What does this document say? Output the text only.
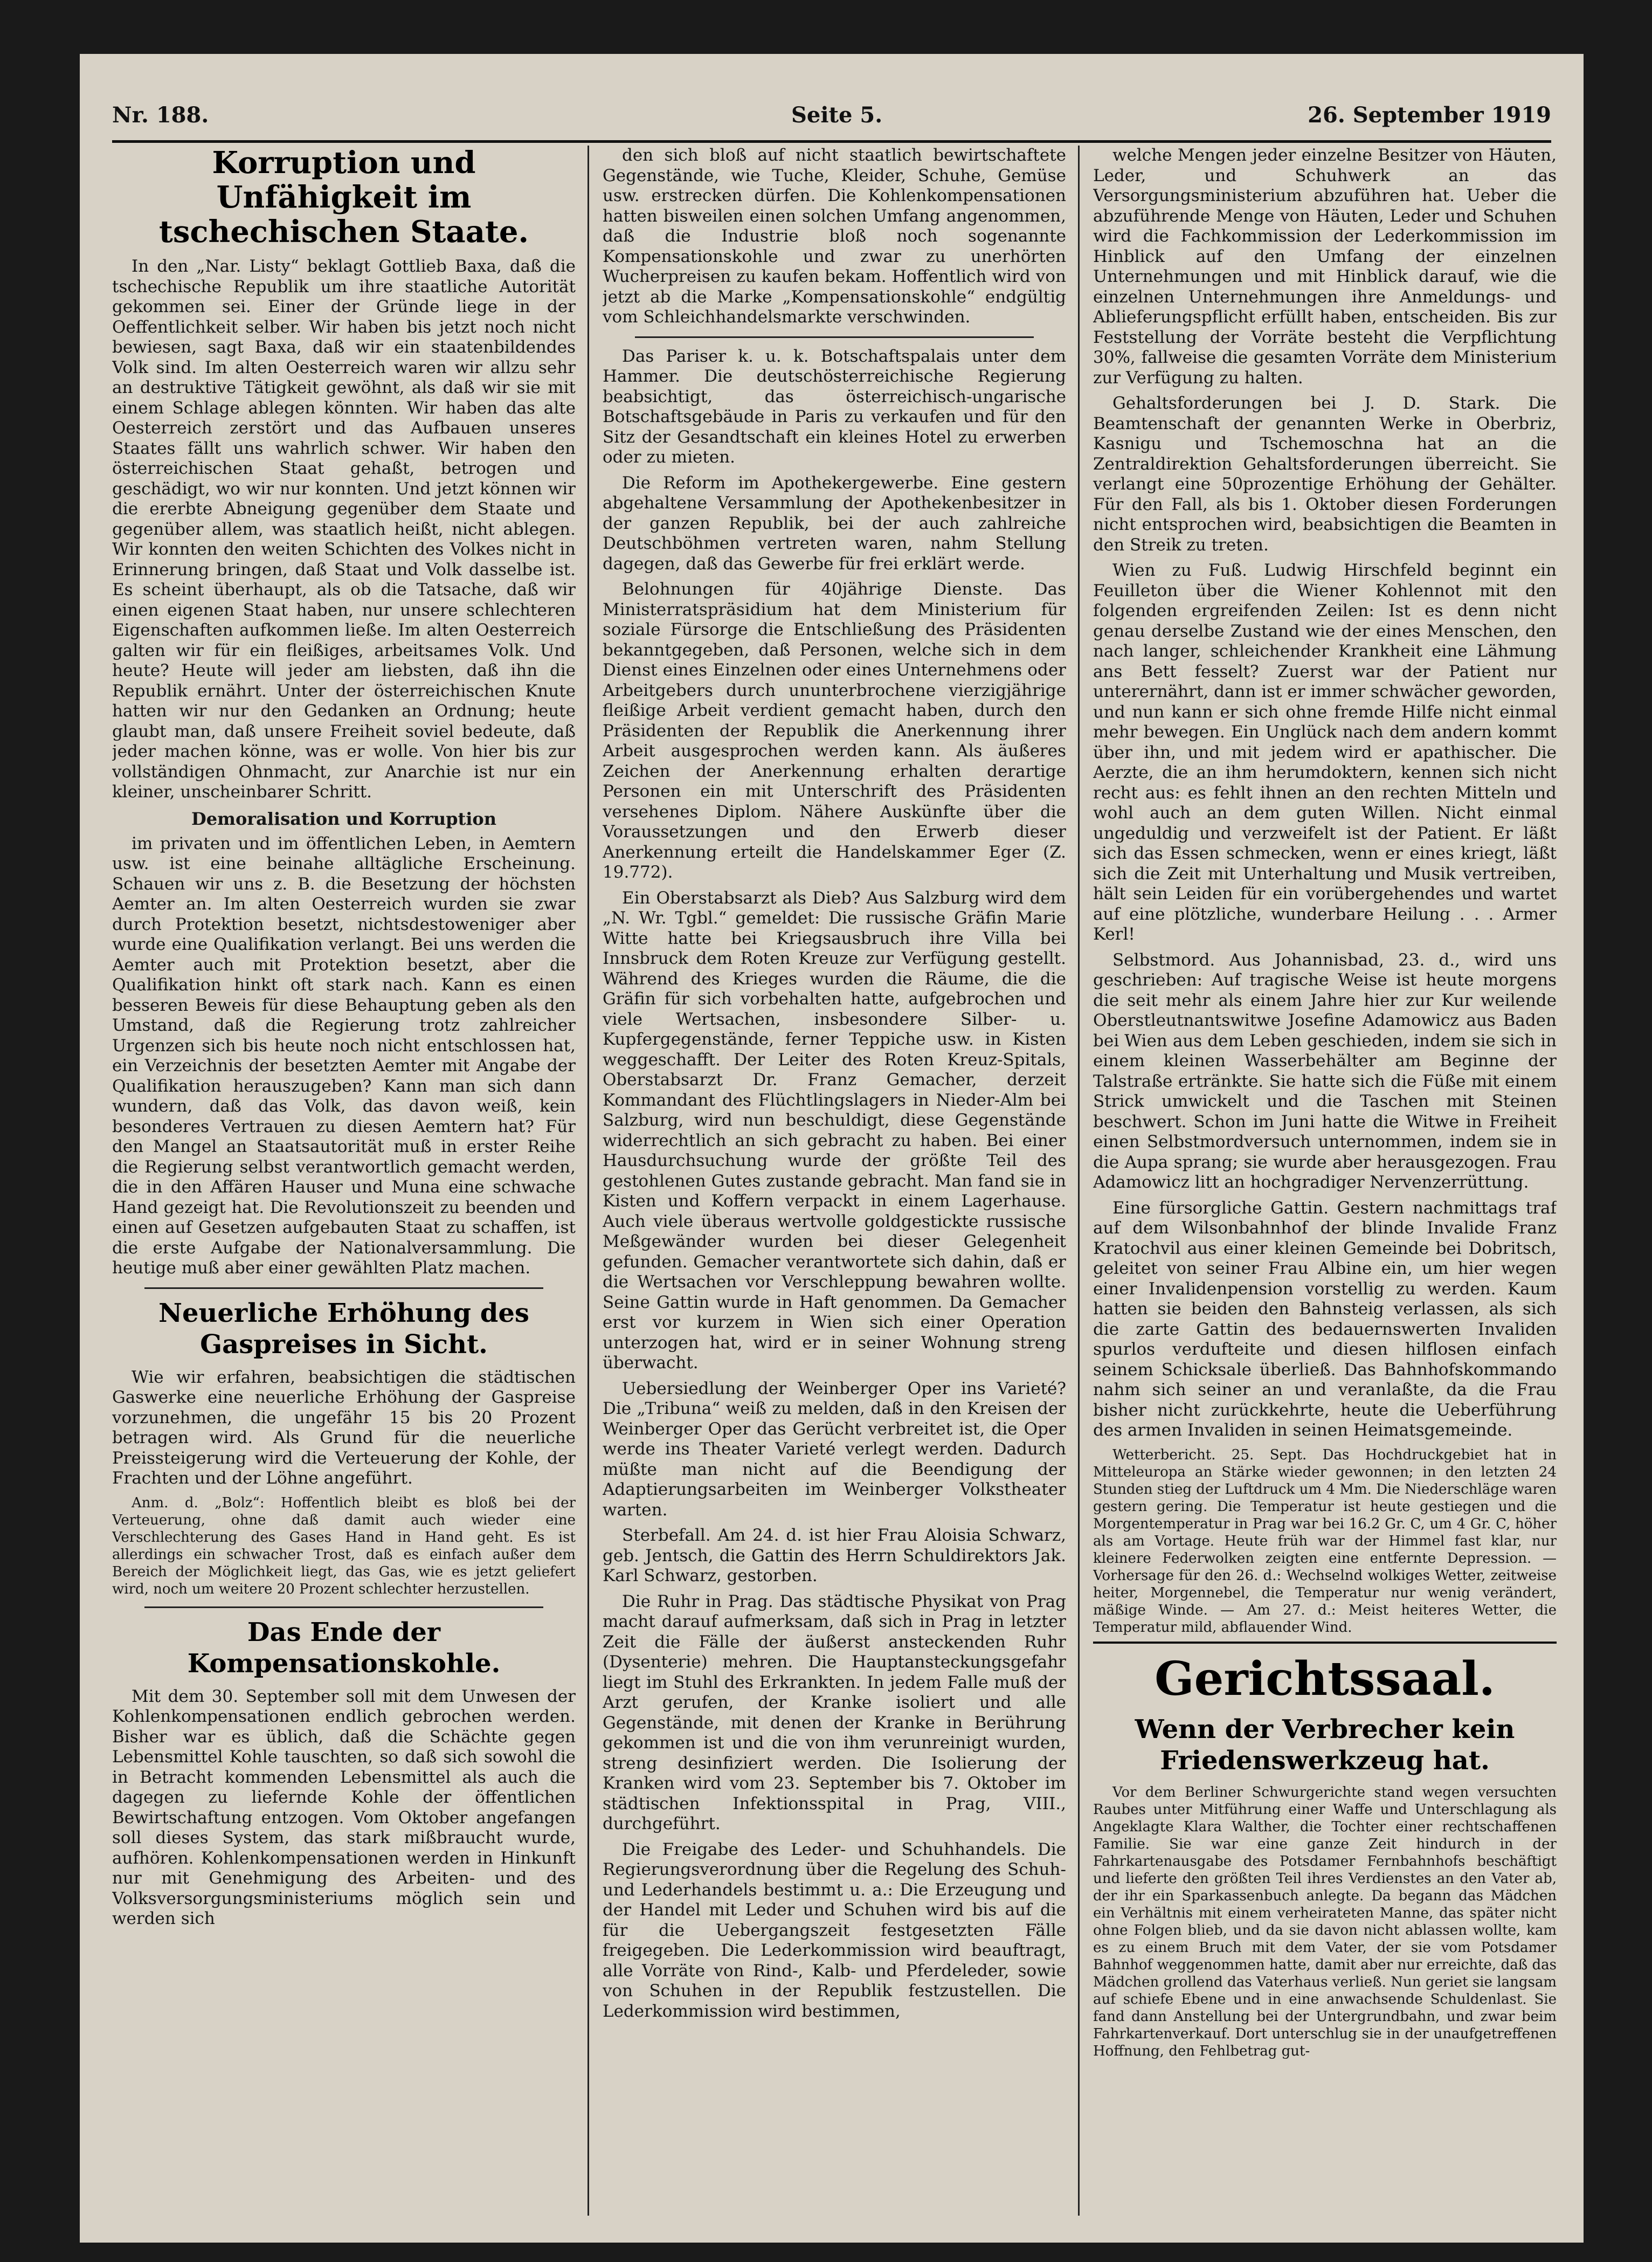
Nr. 188.	Seite 5.	26. September 1919
Korruption und Unfähigkeit im tschechischen Staate.

In den „Nar. Listy“ beklagt Gottlieb Baxa, daß die tschechische Republik um ihre staatliche Autorität gekommen sei. Einer der Gründe liege in der Oeffentlichkeit selber. Wir haben bis jetzt noch nicht bewiesen, sagt Baxa, daß wir ein staatenbildendes Volk sind. Im alten Oesterreich waren wir allzu sehr an destruktive Tätigkeit gewöhnt, als daß wir sie mit einem Schlage ablegen könnten. Wir haben das alte Oesterreich zerstört und das Aufbauen unseres Staates fällt uns wahrlich schwer. Wir haben den österreichischen Staat gehaßt, betrogen und geschädigt, wo wir nur konnten. Und jetzt können wir die ererbte Abneigung gegenüber dem Staate und gegenüber allem, was staatlich heißt, nicht ablegen. Wir konnten den weiten Schichten des Volkes nicht in Erinnerung bringen, daß Staat und Volk dasselbe ist. Es scheint überhaupt, als ob die Tatsache, daß wir einen eigenen Staat haben, nur unsere schlechteren Eigenschaften aufkommen ließe. Im alten Oesterreich galten wir für ein fleißiges, arbeitsames Volk. Und heute? Heute will jeder am liebsten, daß ihn die Republik ernährt. Unter der österreichischen Knute hatten wir nur den Gedanken an Ordnung; heute glaubt man, daß unsere Freiheit soviel bedeute, daß jeder machen könne, was er wolle. Von hier bis zur vollständigen Ohnmacht, zur Anarchie ist nur ein kleiner, unscheinbarer Schritt.

Demoralisation und Korruption

im privaten und im öffentlichen Leben, in Aemtern usw. ist eine beinahe alltägliche Erscheinung. Schauen wir uns z. B. die Besetzung der höchsten Aemter an. Im alten Oesterreich wurden sie zwar durch Protektion besetzt, nichtsdestoweniger aber wurde eine Qualifikation verlangt. Bei uns werden die Aemter auch mit Protektion besetzt, aber die Qualifikation hinkt oft stark nach. Kann es einen besseren Beweis für diese Behauptung geben als den Umstand, daß die Regierung trotz zahlreicher Urgenzen sich bis heute noch nicht entschlossen hat, ein Verzeichnis der besetzten Aemter mit Angabe der Qualifikation herauszugeben? Kann man sich dann wundern, daß das Volk, das davon weiß, kein besonderes Vertrauen zu diesen Aemtern hat? Für den Mangel an Staatsautorität muß in erster Reihe die Regierung selbst verantwortlich gemacht werden, die in den Affären Hauser und Muna eine schwache Hand gezeigt hat. Die Revolutionszeit zu beenden und einen auf Gesetzen aufgebauten Staat zu schaffen, ist die erste Aufgabe der Nationalversammlung. Die heutige muß aber einer gewählten Platz machen.

Neuerliche Erhöhung des Gaspreises in Sicht.

Wie wir erfahren, beabsichtigen die städtischen Gaswerke eine neuerliche Erhöhung der Gaspreise vorzunehmen, die ungefähr 15 bis 20 Prozent betragen wird. Als Grund für die neuerliche Preissteigerung wird die Verteuerung der Kohle, der Frachten und der Löhne angeführt.

Anm. d. „Bolz“: Hoffentlich bleibt es bloß bei der Verteuerung, ohne daß damit auch wieder eine Verschlechterung des Gases Hand in Hand geht. Es ist allerdings ein schwacher Trost, daß es einfach außer dem Bereich der Möglichkeit liegt, das Gas, wie es jetzt geliefert wird, noch um weitere 20 Prozent schlechter herzustellen.

Das Ende der Kompensationskohle.

Mit dem 30. September soll mit dem Unwesen der Kohlenkompensationen endlich gebrochen werden. Bisher war es üblich, daß die Schächte gegen Lebensmittel Kohle tauschten, so daß sich sowohl die in Betracht kommenden Lebensmittel als auch die dagegen zu liefernde Kohle der öffentlichen Bewirtschaftung entzogen. Vom Oktober angefangen soll dieses System, das stark mißbraucht wurde, aufhören. Kohlenkompensationen werden in Hinkunft nur mit Genehmigung des Arbeiten- und des Volksversorgungsministeriums möglich sein und werden sich

den sich bloß auf nicht staatlich bewirtschaftete Gegenstände, wie Tuche, Kleider, Schuhe, Gemüse usw. erstrecken dürfen. Die Kohlenkompensationen hatten bisweilen einen solchen Umfang angenommen, daß die Industrie bloß noch sogenannte Kompensationskohle und zwar zu unerhörten Wucherpreisen zu kaufen bekam. Hoffentlich wird von jetzt ab die Marke „Kompensationskohle“ endgültig vom Schleichhandelsmarkte verschwinden.

Das Pariser k. u. k. Botschaftspalais unter dem Hammer. Die deutschösterreichische Regierung beabsichtigt, das österreichisch-ungarische Botschaftsgebäude in Paris zu verkaufen und für den Sitz der Gesandtschaft ein kleines Hotel zu erwerben oder zu mieten.

Die Reform im Apothekergewerbe. Eine gestern abgehaltene Versammlung der Apothekenbesitzer in der ganzen Republik, bei der auch zahlreiche Deutschböhmen vertreten waren, nahm Stellung dagegen, daß das Gewerbe für frei erklärt werde.

Belohnungen für 40jährige Dienste. Das Ministerratspräsidium hat dem Ministerium für soziale Fürsorge die Entschließung des Präsidenten bekanntgegeben, daß Personen, welche sich in dem Dienst eines Einzelnen oder eines Unternehmens oder Arbeitgebers durch ununterbrochene vierzigjährige fleißige Arbeit verdient gemacht haben, durch den Präsidenten der Republik die Anerkennung ihrer Arbeit ausgesprochen werden kann. Als äußeres Zeichen der Anerkennung erhalten derartige Personen ein mit Unterschrift des Präsidenten versehenes Diplom. Nähere Auskünfte über die Voraussetzungen und den Erwerb dieser Anerkennung erteilt die Handelskammer Eger (Z. 19.772).

Ein Oberstabsarzt als Dieb? Aus Salzburg wird dem „N. Wr. Tgbl.“ gemeldet: Die russische Gräfin Marie Witte hatte bei Kriegsausbruch ihre Villa bei Innsbruck dem Roten Kreuze zur Verfügung gestellt. Während des Krieges wurden die Räume, die die Gräfin für sich vorbehalten hatte, aufgebrochen und viele Wertsachen, insbesondere Silber- u. Kupfergegenstände, ferner Teppiche usw. in Kisten weggeschafft. Der Leiter des Roten Kreuz-Spitals, Oberstabsarzt Dr. Franz Gemacher, derzeit Kommandant des Flüchtlingslagers in Nieder-Alm bei Salzburg, wird nun beschuldigt, diese Gegenstände widerrechtlich an sich gebracht zu haben. Bei einer Hausdurchsuchung wurde der größte Teil des gestohlenen Gutes zustande gebracht. Man fand sie in Kisten und Koffern verpackt in einem Lagerhause. Auch viele überaus wertvolle goldgestickte russische Meßgewänder wurden bei dieser Gelegenheit gefunden. Gemacher verantwortete sich dahin, daß er die Wertsachen vor Verschleppung bewahren wollte. Seine Gattin wurde in Haft genommen. Da Gemacher erst vor kurzem in Wien sich einer Operation unterzogen hat, wird er in seiner Wohnung streng überwacht.

Uebersiedlung der Weinberger Oper ins Varieté? Die „Tribuna“ weiß zu melden, daß in den Kreisen der Weinberger Oper das Gerücht verbreitet ist, die Oper werde ins Theater Varieté verlegt werden. Dadurch müßte man nicht auf die Beendigung der Adaptierungsarbeiten im Weinberger Volkstheater warten.

Sterbefall. Am 24. d. ist hier Frau Aloisia Schwarz, geb. Jentsch, die Gattin des Herrn Schuldirektors Jak. Karl Schwarz, gestorben.

Die Ruhr in Prag. Das städtische Physikat von Prag macht darauf aufmerksam, daß sich in Prag in letzter Zeit die Fälle der äußerst ansteckenden Ruhr (Dysenterie) mehren. Die Hauptansteckungsgefahr liegt im Stuhl des Erkrankten. In jedem Falle muß der Arzt gerufen, der Kranke isoliert und alle Gegenstände, mit denen der Kranke in Berührung gekommen ist und die von ihm verunreinigt wurden, streng desinfiziert werden. Die Isolierung der Kranken wird vom 23. September bis 7. Oktober im städtischen Infektionsspital in Prag, VIII., durchgeführt.

Die Freigabe des Leder- und Schuhhandels. Die Regierungsverordnung über die Regelung des Schuh- und Lederhandels bestimmt u. a.: Die Erzeugung und der Handel mit Leder und Schuhen wird bis auf die für die Uebergangszeit festgesetzten Fälle freigegeben. Die Lederkommission wird beauftragt, alle Vorräte von Rind-, Kalb- und Pferdeleder, sowie von Schuhen in der Republik festzustellen. Die Lederkommission wird bestimmen,

welche Mengen jeder einzelne Besitzer von Häuten, Leder, und Schuhwerk an das Versorgungsministerium abzuführen hat. Ueber die abzuführende Menge von Häuten, Leder und Schuhen wird die Fachkommission der Lederkommission im Hinblick auf den Umfang der einzelnen Unternehmungen und mit Hinblick darauf, wie die einzelnen Unternehmungen ihre Anmeldungs- und Ablieferungspflicht erfüllt haben, entscheiden. Bis zur Feststellung der Vorräte besteht die Verpflichtung 30%, fallweise die gesamten Vorräte dem Ministerium zur Verfügung zu halten.

Gehaltsforderungen bei J. D. Stark. Die Beamtenschaft der genannten Werke in Oberbriz, Kasnigu und Tschemoschna hat an die Zentraldirektion Gehaltsforderungen überreicht. Sie verlangt eine 50prozentige Erhöhung der Gehälter. Für den Fall, als bis 1. Oktober diesen Forderungen nicht entsprochen wird, beabsichtigen die Beamten in den Streik zu treten.

Wien zu Fuß. Ludwig Hirschfeld beginnt ein Feuilleton über die Wiener Kohlennot mit den folgenden ergreifenden Zeilen: Ist es denn nicht genau derselbe Zustand wie der eines Menschen, den nach langer, schleichender Krankheit eine Lähmung ans Bett fesselt? Zuerst war der Patient nur unterernährt, dann ist er immer schwächer geworden, und nun kann er sich ohne fremde Hilfe nicht einmal mehr bewegen. Ein Unglück nach dem andern kommt über ihn, und mit jedem wird er apathischer. Die Aerzte, die an ihm herumdoktern, kennen sich nicht recht aus: es fehlt ihnen an den rechten Mitteln und wohl auch an dem guten Willen. Nicht einmal ungeduldig und verzweifelt ist der Patient. Er läßt sich das Essen schmecken, wenn er eines kriegt, läßt sich die Zeit mit Unterhaltung und Musik vertreiben, hält sein Leiden für ein vorübergehendes und wartet auf eine plötzliche, wunderbare Heilung . . . Armer Kerl!

Selbstmord. Aus Johannisbad, 23. d., wird uns geschrieben: Auf tragische Weise ist heute morgens die seit mehr als einem Jahre hier zur Kur weilende Oberstleutnantswitwe Josefine Adamowicz aus Baden bei Wien aus dem Leben geschieden, indem sie sich in einem kleinen Wasserbehälter am Beginne der Talstraße ertränkte. Sie hatte sich die Füße mit einem Strick umwickelt und die Taschen mit Steinen beschwert. Schon im Juni hatte die Witwe in Freiheit einen Selbstmordversuch unternommen, indem sie in die Aupa sprang; sie wurde aber herausgezogen. Frau Adamowicz litt an hochgradiger Nervenzerrüttung.

Eine fürsorgliche Gattin. Gestern nachmittags traf auf dem Wilsonbahnhof der blinde Invalide Franz Kratochvil aus einer kleinen Gemeinde bei Dobritsch, geleitet von seiner Frau Albine ein, um hier wegen einer Invalidenpension vorstellig zu werden. Kaum hatten sie beiden den Bahnsteig verlassen, als sich die zarte Gattin des bedauernswerten Invaliden spurlos verdufteite und diesen hilflosen einfach seinem Schicksale überließ. Das Bahnhofskommando nahm sich seiner an und veranlaßte, da die Frau bisher nicht zurückkehrte, heute die Ueberführung des armen Invaliden in seinen Heimatsgemeinde.

Wetterbericht. 25. Sept. Das Hochdruckgebiet hat in Mitteleuropa an Stärke wieder gewonnen; in den letzten 24 Stunden stieg der Luftdruck um 4 Mm. Die Niederschläge waren gestern gering. Die Temperatur ist heute gestiegen und die Morgentemperatur in Prag war bei 16.2 Gr. C, um 4 Gr. C, höher als am Vortage. Heute früh war der Himmel fast klar, nur kleinere Federwolken zeigten eine entfernte Depression. — Vorhersage für den 26. d.: Wechselnd wolkiges Wetter, zeitweise heiter, Morgennebel, die Temperatur nur wenig verändert, mäßige Winde. — Am 27. d.: Meist heiteres Wetter, die Temperatur mild, abflauender Wind.

Gerichtssaal.
Wenn der Verbrecher kein Friedenswerkzeug hat.

Vor dem Berliner Schwurgerichte stand wegen versuchten Raubes unter Mitführung einer Waffe und Unterschlagung als Angeklagte Klara Walther, die Tochter einer rechtschaffenen Familie. Sie war eine ganze Zeit hindurch in der Fahrkartenausgabe des Potsdamer Fernbahnhofs beschäftigt und lieferte den größten Teil ihres Verdienstes an den Vater ab, der ihr ein Sparkassenbuch anlegte. Da begann das Mädchen ein Verhältnis mit einem verheirateten Manne, das später nicht ohne Folgen blieb, und da sie davon nicht ablassen wollte, kam es zu einem Bruch mit dem Vater, der sie vom Potsdamer Bahnhof weggenommen hatte, damit aber nur erreichte, daß das Mädchen grollend das Vaterhaus verließ. Nun geriet sie langsam auf schiefe Ebene und in eine anwachsende Schuldenlast. Sie fand dann Anstellung bei der Untergrundbahn, und zwar beim Fahrkartenverkauf. Dort unterschlug sie in der unaufgetreffenen Hoffnung, den Fehlbetrag gut-
